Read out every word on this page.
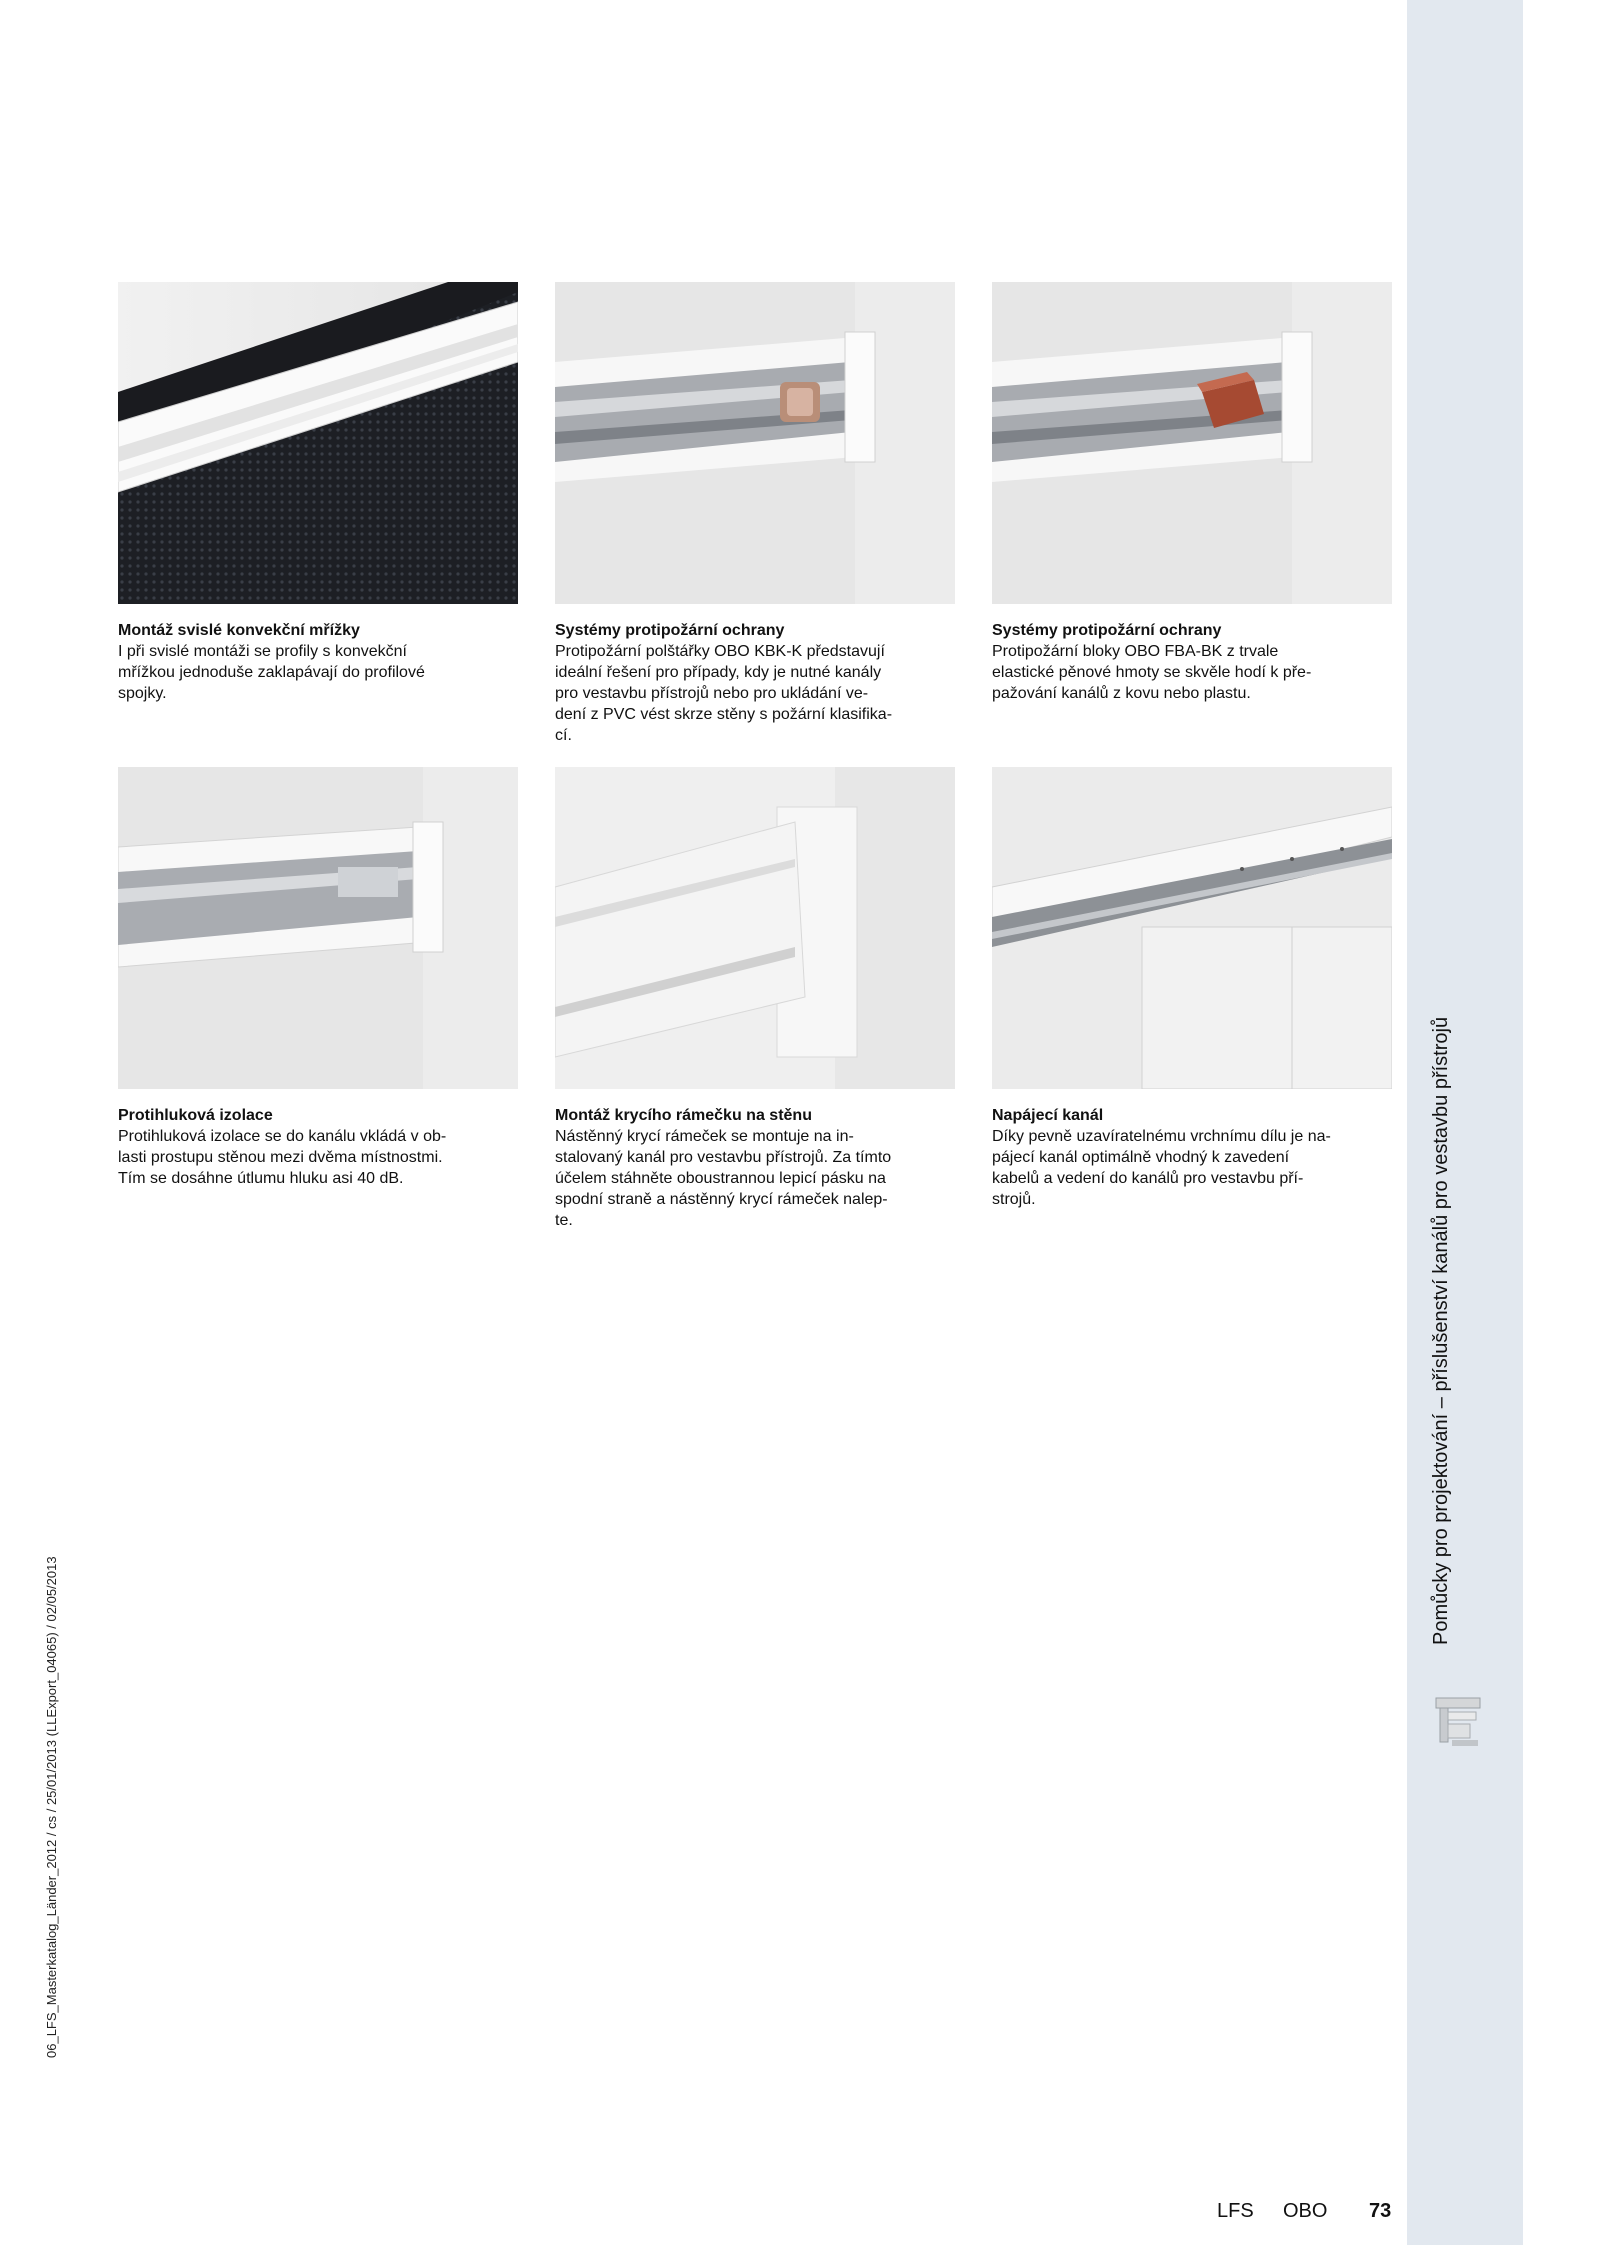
Pomůcky pro projektování – příslušenství kanálů pro vestavbu přístrojů
06_LFS_Masterkatalog_Länder_2012 / cs / 25/01/2013 (LLExport_04065) / 02/05/2013
Montáž svislé konvekční mřížky
I při svislé montáži se profily s konvekční
mřížkou jednoduše zaklapávají do profilové
spojky.
Systémy protipožární ochrany
Protipožární polštářky OBO KBK-K představují
ideální řešení pro případy, kdy je nutné kanály
pro vestavbu přístrojů nebo pro ukládání ve-
dení z PVC vést skrze stěny s požární klasifika-
cí.
Systémy protipožární ochrany
Protipožární bloky OBO FBA-BK z trvale
elastické pěnové hmoty se skvěle hodí k pře-
pažování kanálů z kovu nebo plastu.
Protihluková izolace
Protihluková izolace se do kanálu vkládá v ob-
lasti prostupu stěnou mezi dvěma místnostmi.
Tím se dosáhne útlumu hluku asi 40 dB.
Montáž krycího rámečku na stěnu
Nástěnný krycí rámeček se montuje na in-
stalovaný kanál pro vestavbu přístrojů. Za tímto
účelem stáhněte oboustrannou lepicí pásku na
spodní straně a nástěnný krycí rámeček nalep-
te.
Napájecí kanál
Díky pevně uzavíratelnému vrchnímu dílu je na-
pájecí kanál optimálně vhodný k zavedení
kabelů a vedení do kanálů pro vestavbu pří-
strojů.
LFS OBO 73
